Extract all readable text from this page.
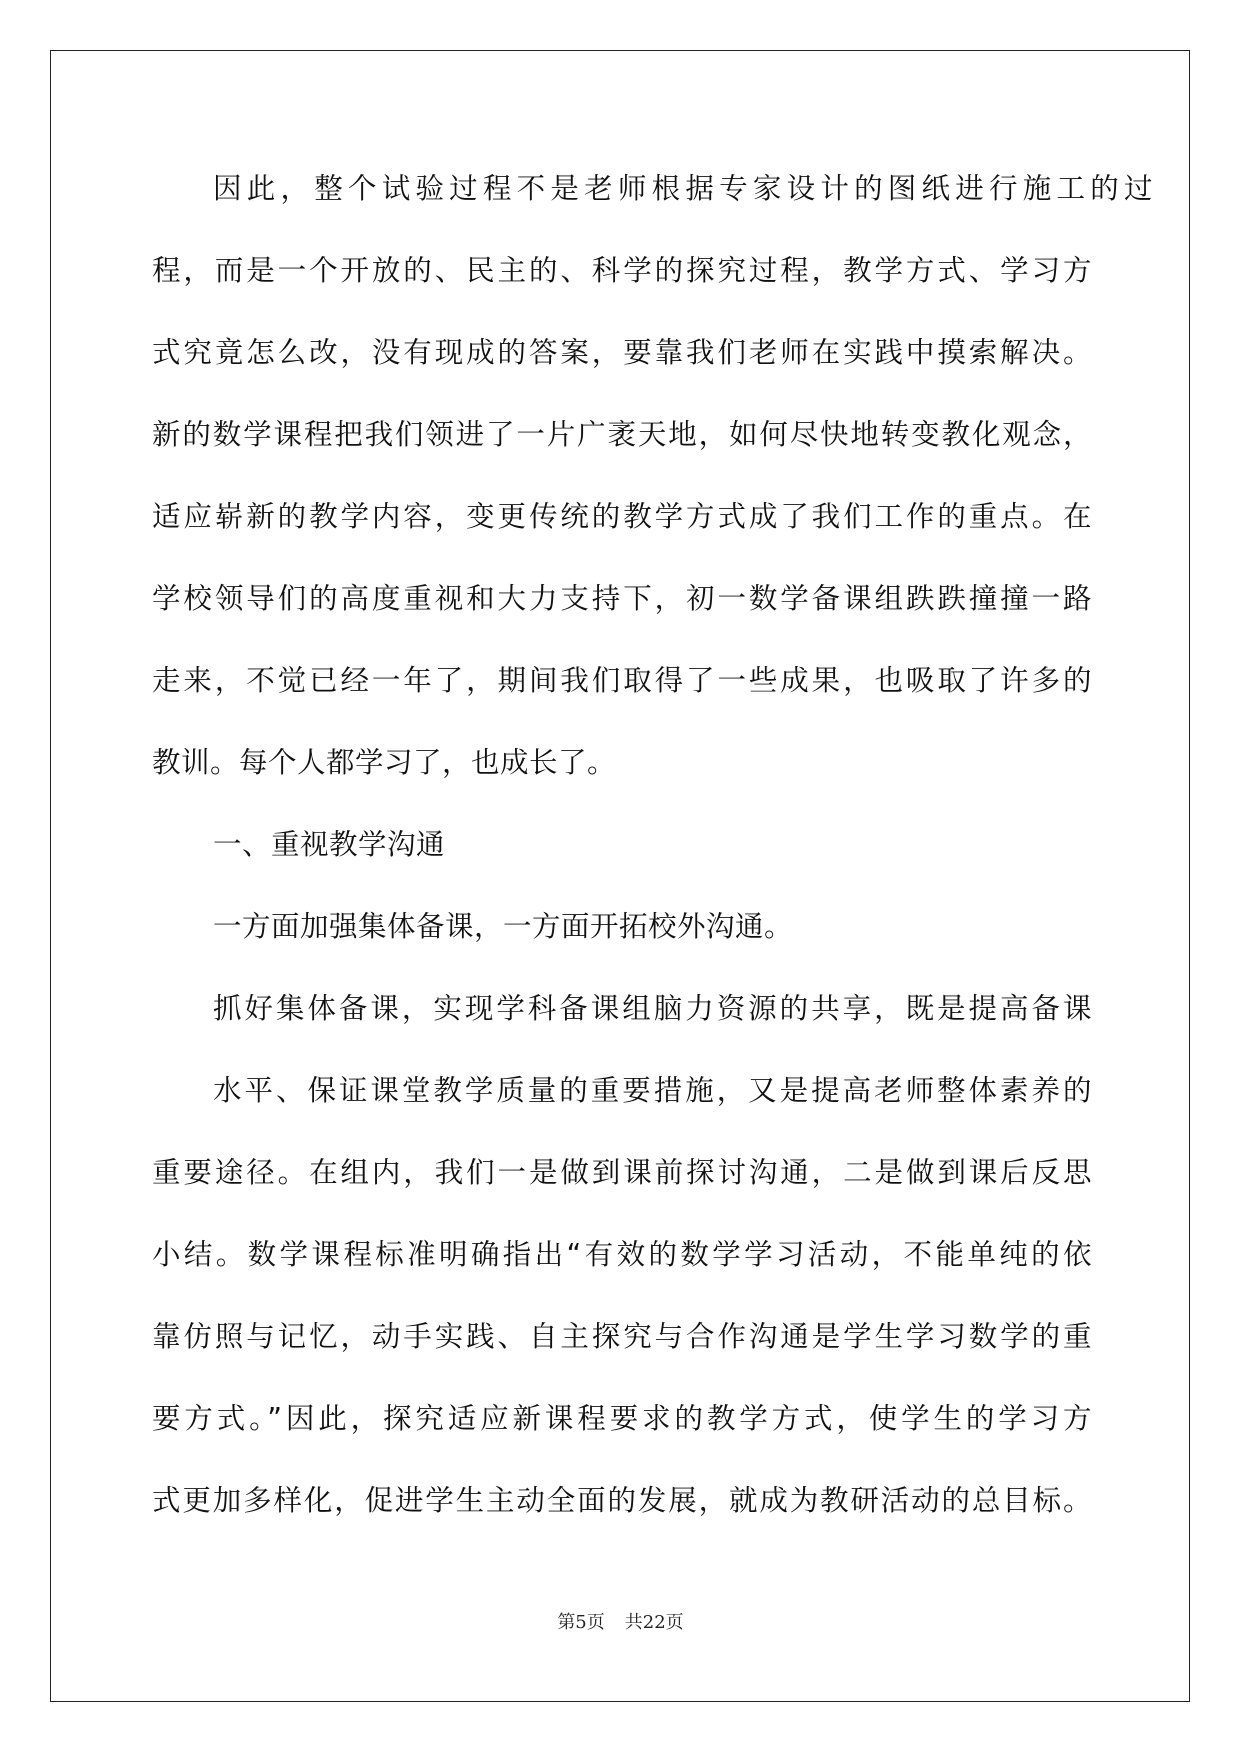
因此，整个试验过程不是老师根据专家设计的图纸进行施工的过
程，而是一个开放的、民主的、科学的探究过程，教学方式、学习方
式究竟怎么改，没有现成的答案，要靠我们老师在实践中摸索解决。
新的数学课程把我们领进了一片广袤天地，如何尽快地转变教化观念，
适应崭新的教学内容，变更传统的教学方式成了我们工作的重点。在
学校领导们的高度重视和大力支持下，初一数学备课组跌跌撞撞一路
走来，不觉已经一年了，期间我们取得了一些成果，也吸取了许多的
教训。每个人都学习了，也成长了。
一、重视教学沟通
一方面加强集体备课，一方面开拓校外沟通。
抓好集体备课，实现学科备课组脑力资源的共享，既是提高备课
水平、保证课堂教学质量的重要措施，又是提高老师整体素养的
重要途径。在组内，我们一是做到课前探讨沟通，二是做到课后反思
小结。数学课程标准明确指出“有效的数学学习活动，不能单纯的依
靠仿照与记忆，动手实践、自主探究与合作沟通是学生学习数学的重
要方式。”因此，探究适应新课程要求的教学方式，使学生的学习方
式更加多样化，促进学生主动全面的发展，就成为教研活动的总目标。
第5页 共22页
